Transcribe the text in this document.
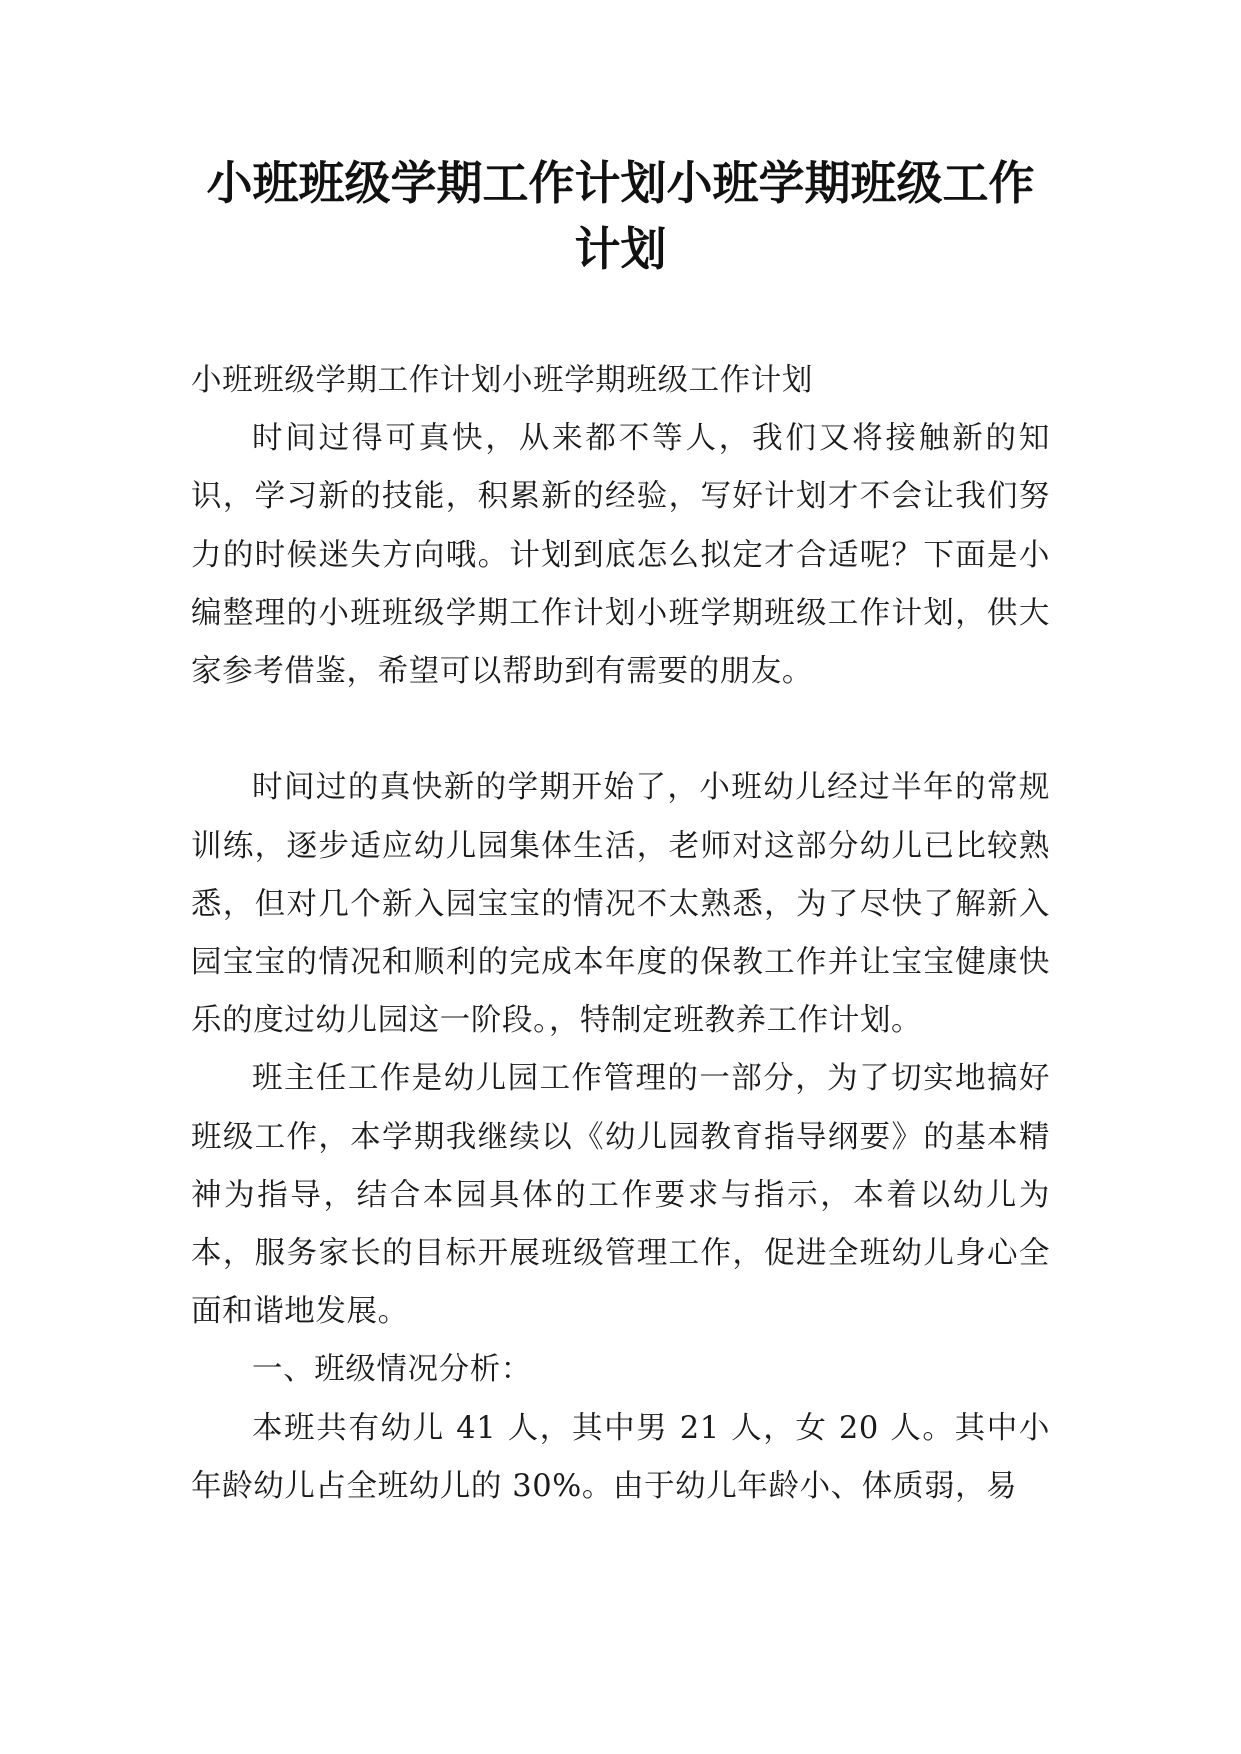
小班班级学期工作计划小班学期班级工作计划

小班班级学期工作计划小班学期班级工作计划

时间过得可真快，从来都不等人，我们又将接触新的知识，学习新的技能，积累新的经验，写好计划才不会让我们努力的时候迷失方向哦。计划到底怎么拟定才合适呢？下面是小编整理的小班班级学期工作计划小班学期班级工作计划，供大家参考借鉴，希望可以帮助到有需要的朋友。

时间过的真快新的学期开始了，小班幼儿经过半年的常规训练，逐步适应幼儿园集体生活，老师对这部分幼儿已比较熟悉，但对几个新入园宝宝的情况不太熟悉，为了尽快了解新入园宝宝的情况和顺利的完成本年度的保教工作并让宝宝健康快乐的度过幼儿园这一阶段。，特制定班教养工作计划。

班主任工作是幼儿园工作管理的一部分，为了切实地搞好班级工作，本学期我继续以《幼儿园教育指导纲要》的基本精神为指导，结合本园具体的工作要求与指示，本着以幼儿为本，服务家长的目标开展班级管理工作，促进全班幼儿身心全面和谐地发展。

一、班级情况分析：

本班共有幼儿 41 人，其中男 21 人，女 20 人。其中小年龄幼儿占全班幼儿的 30%。由于幼儿年龄小、体质弱，易
